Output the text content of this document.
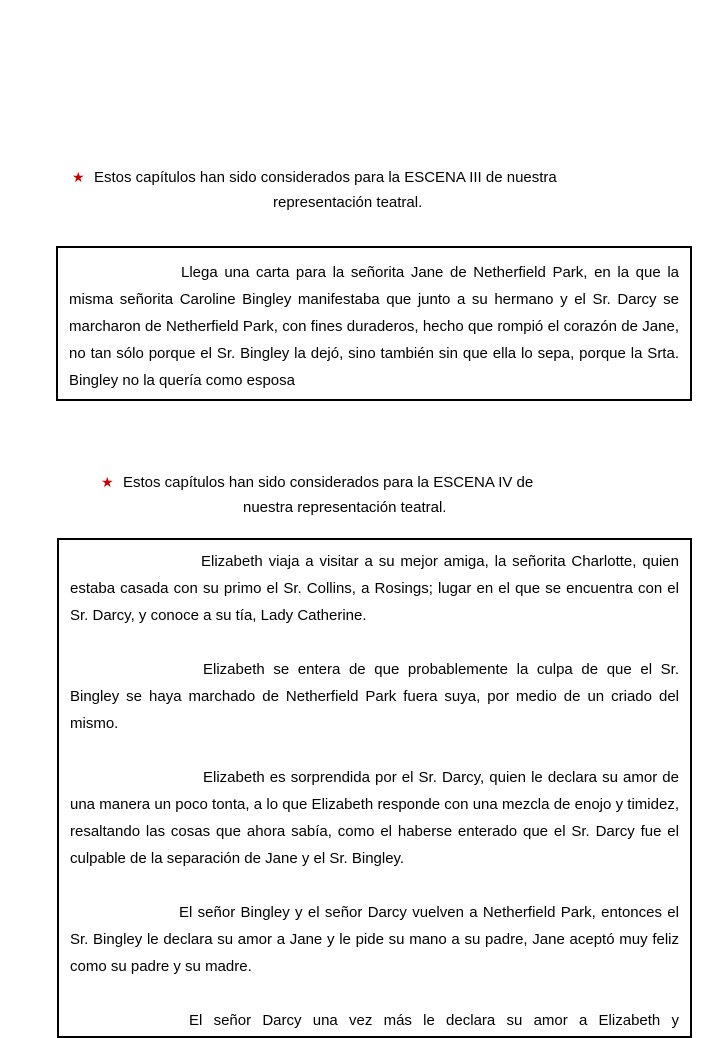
★ Estos capítulos han sido considerados para la ESCENA III de nuestra
representación teatral.

Llega una carta para la señorita Jane de Netherfield Park, en la que la misma señorita Caroline Bingley manifestaba que junto a su hermano y el Sr. Darcy se marcharon de Netherfield Park, con fines duraderos, hecho que rompió el corazón de Jane, no tan sólo porque el Sr. Bingley la dejó, sino también sin que ella lo sepa, porque la Srta. Bingley no la quería como esposa

★ Estos capítulos han sido considerados para la ESCENA IV de
nuestra representación teatral.

Elizabeth viaja a visitar a su mejor amiga, la señorita Charlotte, quien estaba casada con su primo el Sr. Collins, a Rosings; lugar en el que se encuentra con el Sr. Darcy, y conoce a su tía, Lady Catherine.

Elizabeth se entera de que probablemente la culpa de que el Sr. Bingley se haya marchado de Netherfield Park fuera suya, por medio de un criado del mismo.

Elizabeth es sorprendida por el Sr. Darcy, quien le declara su amor de una manera un poco tonta, a lo que Elizabeth responde con una mezcla de enojo y timidez, resaltando las cosas que ahora sabía, como el haberse enterado que el Sr. Darcy fue el culpable de la separación de Jane y el Sr. Bingley.

El señor Bingley y el señor Darcy vuelven a Netherfield Park, entonces el Sr. Bingley le declara su amor a Jane y le pide su mano a su padre, Jane aceptó muy feliz como su padre y su madre.

El señor Darcy una vez más le declara su amor a Elizabeth y
